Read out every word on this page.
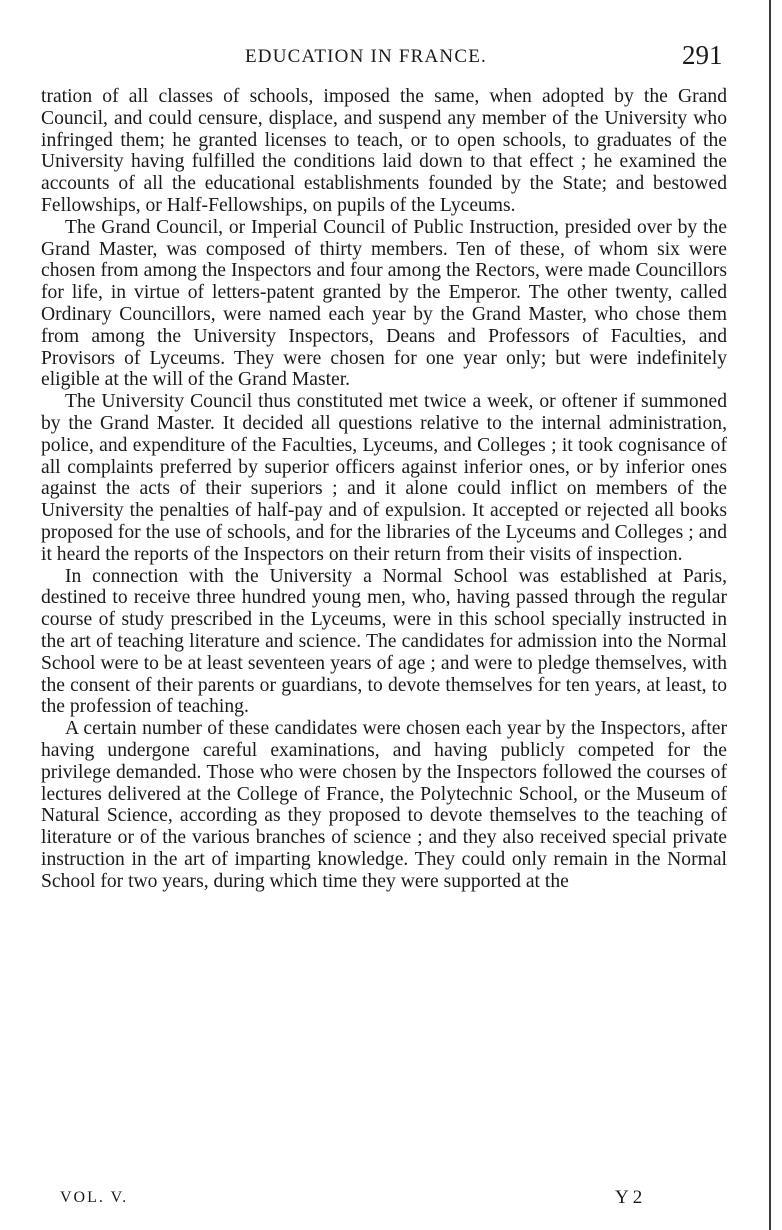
EDUCATION IN FRANCE.	291

tration of all classes of schools, imposed the same, when adopted by the Grand Council, and could censure, displace, and suspend any member of the University who infringed them; he granted licenses to teach, or to open schools, to graduates of the University having fulfilled the conditions laid down to that effect ; he examined the accounts of all the educational establishments founded by the State; and bestowed Fellowships, or Half-Fellowships, on pupils of the Lyceums.

The Grand Council, or Imperial Council of Public Instruction, presided over by the Grand Master, was composed of thirty members. Ten of these, of whom six were chosen from among the Inspectors and four among the Rectors, were made Councillors for life, in virtue of letters-patent granted by the Emperor. The other twenty, called Ordinary Councillors, were named each year by the Grand Master, who chose them from among the University Inspectors, Deans and Professors of Faculties, and Provisors of Lyceums. They were chosen for one year only; but were indefinitely eligible at the will of the Grand Master.

The University Council thus constituted met twice a week, or oftener if summoned by the Grand Master. It decided all questions relative to the internal administration, police, and expenditure of the Faculties, Lyceums, and Colleges ; it took cognisance of all complaints preferred by superior officers against inferior ones, or by inferior ones against the acts of their superiors ; and it alone could inflict on members of the University the penalties of half-pay and of expulsion. It accepted or rejected all books proposed for the use of schools, and for the libraries of the Lyceums and Colleges ; and it heard the reports of the Inspectors on their return from their visits of inspection.

In connection with the University a Normal School was established at Paris, destined to receive three hundred young men, who, having passed through the regular course of study prescribed in the Lyceums, were in this school specially instructed in the art of teaching literature and science. The candidates for admission into the Normal School were to be at least seventeen years of age ; and were to pledge themselves, with the consent of their parents or guardians, to devote themselves for ten years, at least, to the profession of teaching.

A certain number of these candidates were chosen each year by the Inspectors, after having undergone careful examinations, and having publicly competed for the privilege demanded. Those who were chosen by the Inspectors followed the courses of lectures delivered at the College of France, the Polytechnic School, or the Museum of Natural Science, according as they proposed to devote themselves to the teaching of literature or of the various branches of science ; and they also received special private instruction in the art of imparting knowledge. They could only remain in the Normal School for two years, during which time they were supported at the

VOL. V.	Y 2
